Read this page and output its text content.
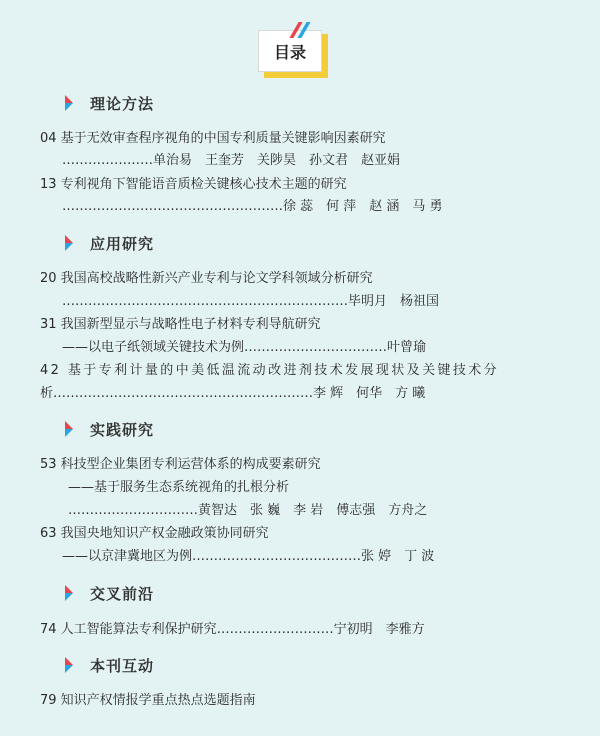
目录
理论方法
04 基于无效审查程序视角的中国专利质量关键影响因素研究
…………………单治易　王奎芳　关陟昊　孙文君　赵亚娟
13 专利视角下智能语音质检关键核心技术主题的研究
……………………………………………徐 蕊　何 萍　赵 涵　马 勇
应用研究
20 我国高校战略性新兴产业专利与论文学科领域分析研究
…………………………………………………………毕明月　杨祖国
31 我国新型显示与战略性电子材料专利导航研究
——以电子纸领域关键技术为例……………………………叶曾瑜
42 基于专利计量的中美低温流动改进剂技术发展现状及关键技术分
析……………………………………………………李 辉　何华　方 曦
实践研究
53 科技型企业集团专利运营体系的构成要素研究
——基于服务生态系统视角的扎根分析
…………………………黄智达　张 巍　李 岩　傅志强　方舟之
63 我国央地知识产权金融政策协同研究
——以京津冀地区为例…………………………………张 婷　丁 波
交叉前沿
74 人工智能算法专利保护研究………………………宁初明　李雅方
本刊互动
79 知识产权情报学重点热点选题指南
